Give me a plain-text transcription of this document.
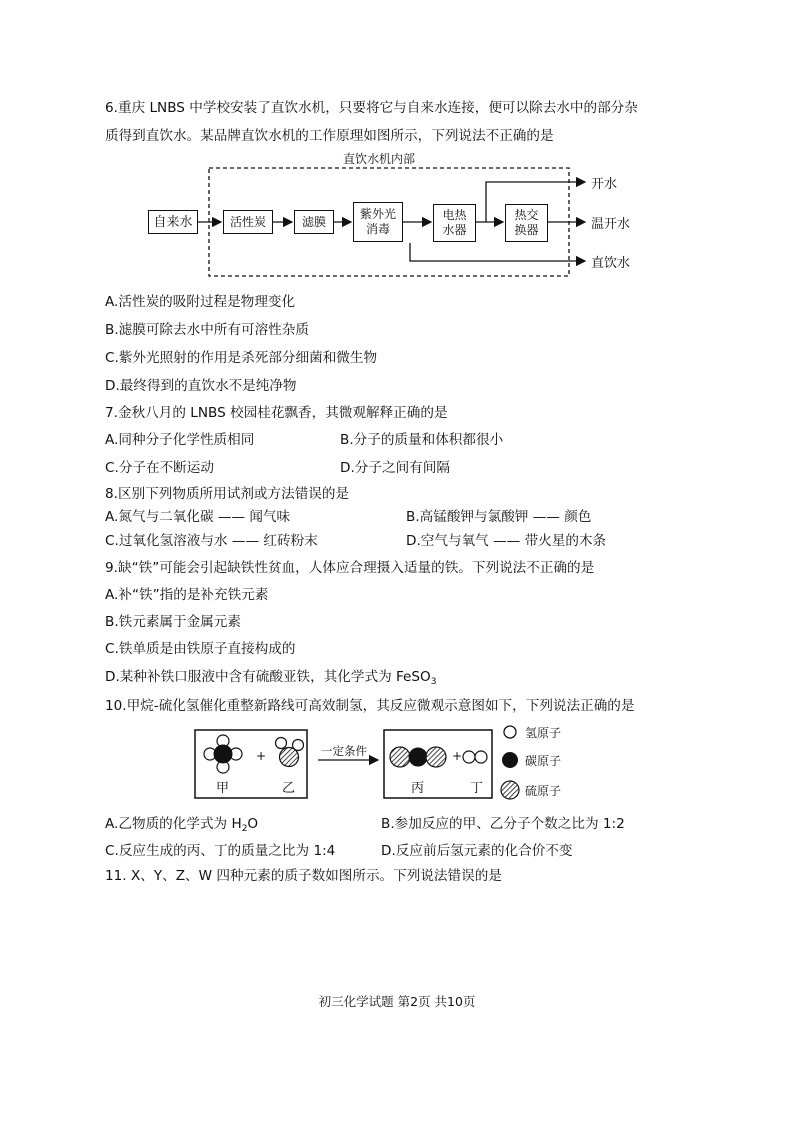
6.重庆 LNBS 中学校安装了直饮水机，只要将它与自来水连接，便可以除去水中的部分杂
质得到直饮水。某品牌直饮水机的工作原理如图所示，下列说法不正确的是
直饮水机内部
自来水	活性炭	滤膜
紫外光
消毒
电热
水器
热交
换器
开水
温开水
直饮水
A.活性炭的吸附过程是物理变化
B.滤膜可除去水中所有可溶性杂质
C.紫外光照射的作用是杀死部分细菌和微生物
D.最终得到的直饮水不是纯净物
7.金秋八月的 LNBS 校园桂花飘香，其微观解释正确的是
A.同种分子化学性质相同	B.分子的质量和体积都很小
C.分子在不断运动	D.分子之间有间隔
8.区别下列物质所用试剂或方法错误的是
A.氮气与二氧化碳 —— 闻气味	B.高锰酸钾与氯酸钾 —— 颜色
C.过氧化氢溶液与水 —— 红砖粉末	D.空气与氧气 —— 带火星的木条
9.缺“铁”可能会引起缺铁性贫血，人体应合理摄入适量的铁。下列说法不正确的是
A.补“铁”指的是补充铁元素
B.铁元素属于金属元素
C.铁单质是由铁原子直接构成的
D.某种补铁口服液中含有硫酸亚铁，其化学式为 FeSO$_3$
10.甲烷-硫化氢催化重整新路线可高效制氢，其反应微观示意图如下，下列说法正确的是
+
甲	乙
一定条件	+
丙	丁
氢原子
碳原子
硫原子
A.乙物质的化学式为 $H_2O$	B.参加反应的甲、乙分子个数之比为 1:2
C.反应生成的丙、丁的质量之比为 1:4	D.反应前后氢元素的化合价不变
11. X、Y、Z、W 四种元素的质子数如图所示。下列说法错误的是
初三化学试题 第2页 共10页
